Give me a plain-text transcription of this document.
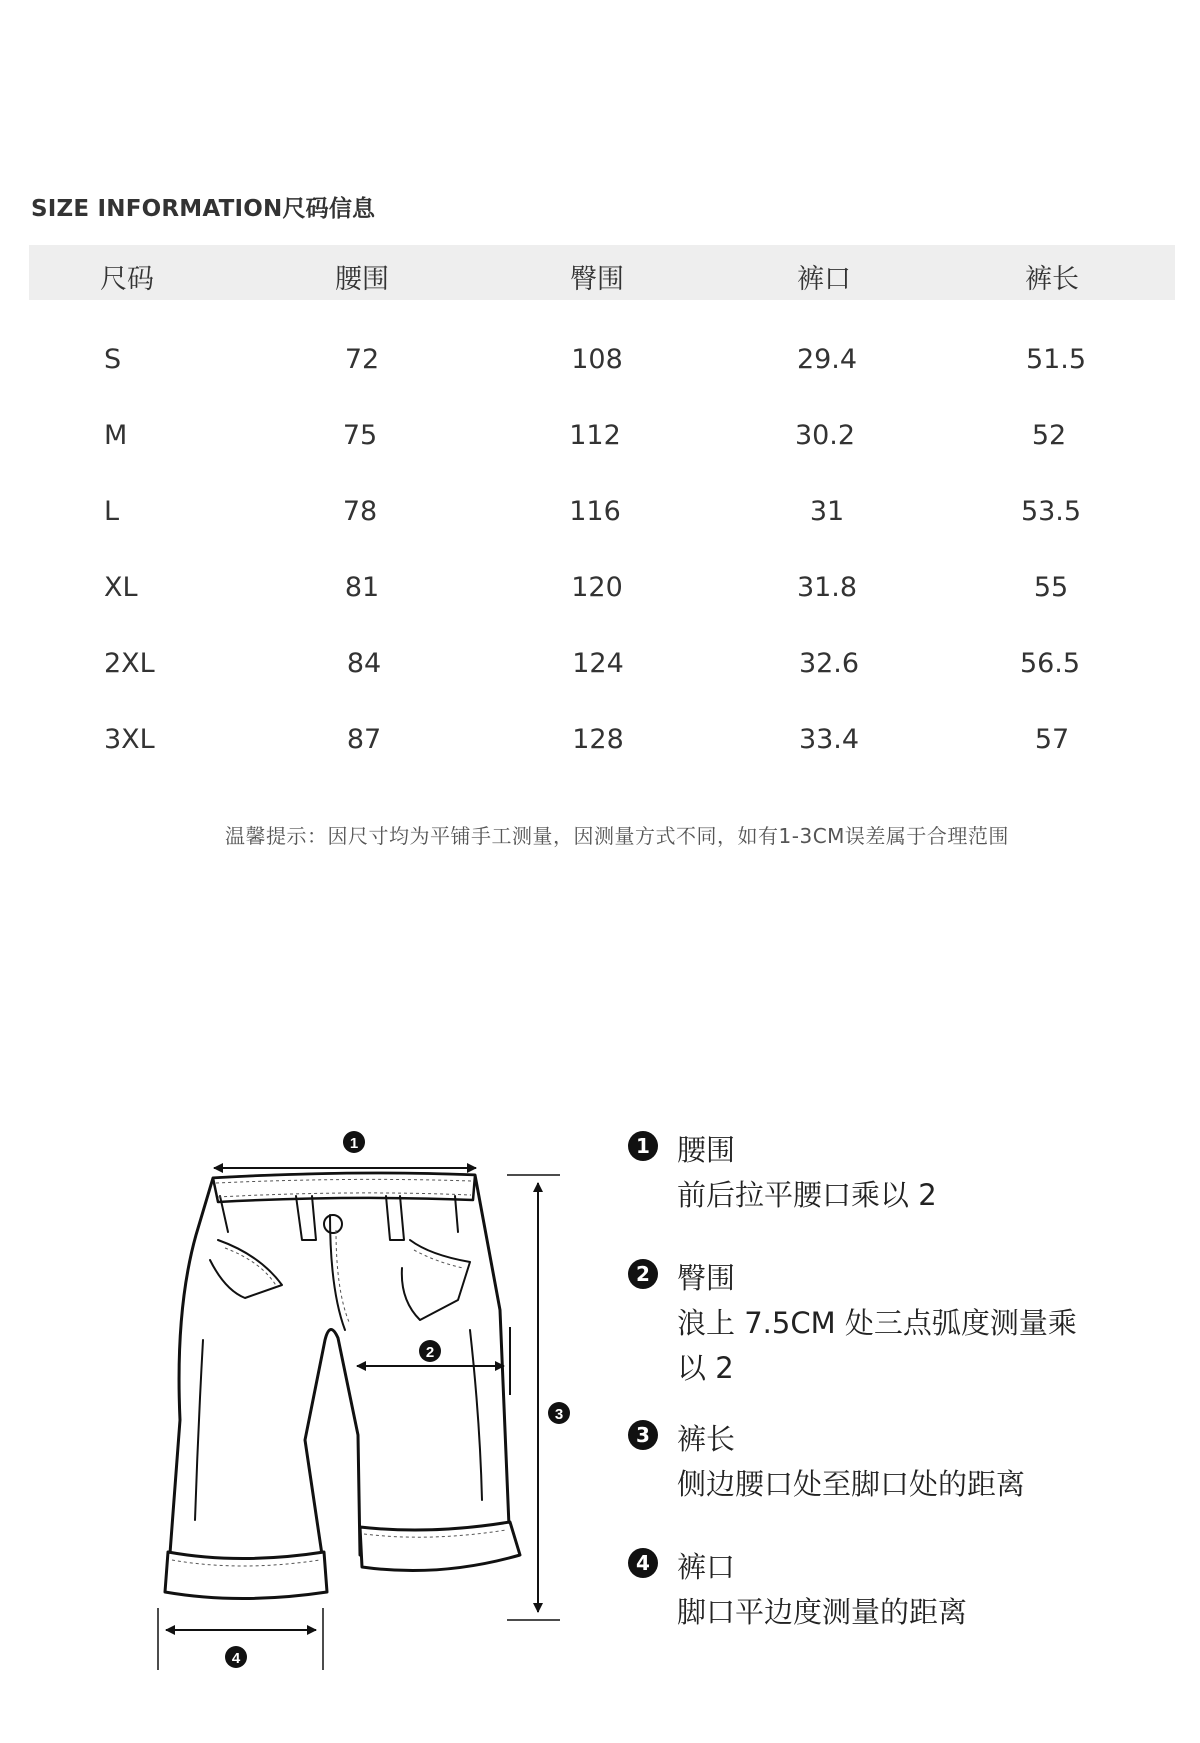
SIZE INFORMATION尺码信息
尺码	腰围	臀围	裤口	裤长
S	72	108	29.4	51.5
M	75	112	30.2	52
L	78	116	31	53.5
XL	81	120	31.8	55
2XL	84	124	32.6	56.5
3XL	87	128	33.4	57
温馨提示：因尺寸均为平铺手工测量，因测量方式不同，如有1-3CM误差属于合理范围
1
2
3
4
1 腰围
前后拉平腰口乘以 2
2 臀围
浪上 7.5CM 处三点弧度测量乘以 2
3 裤长
侧边腰口处至脚口处的距离
4 裤口
脚口平边度测量的距离
